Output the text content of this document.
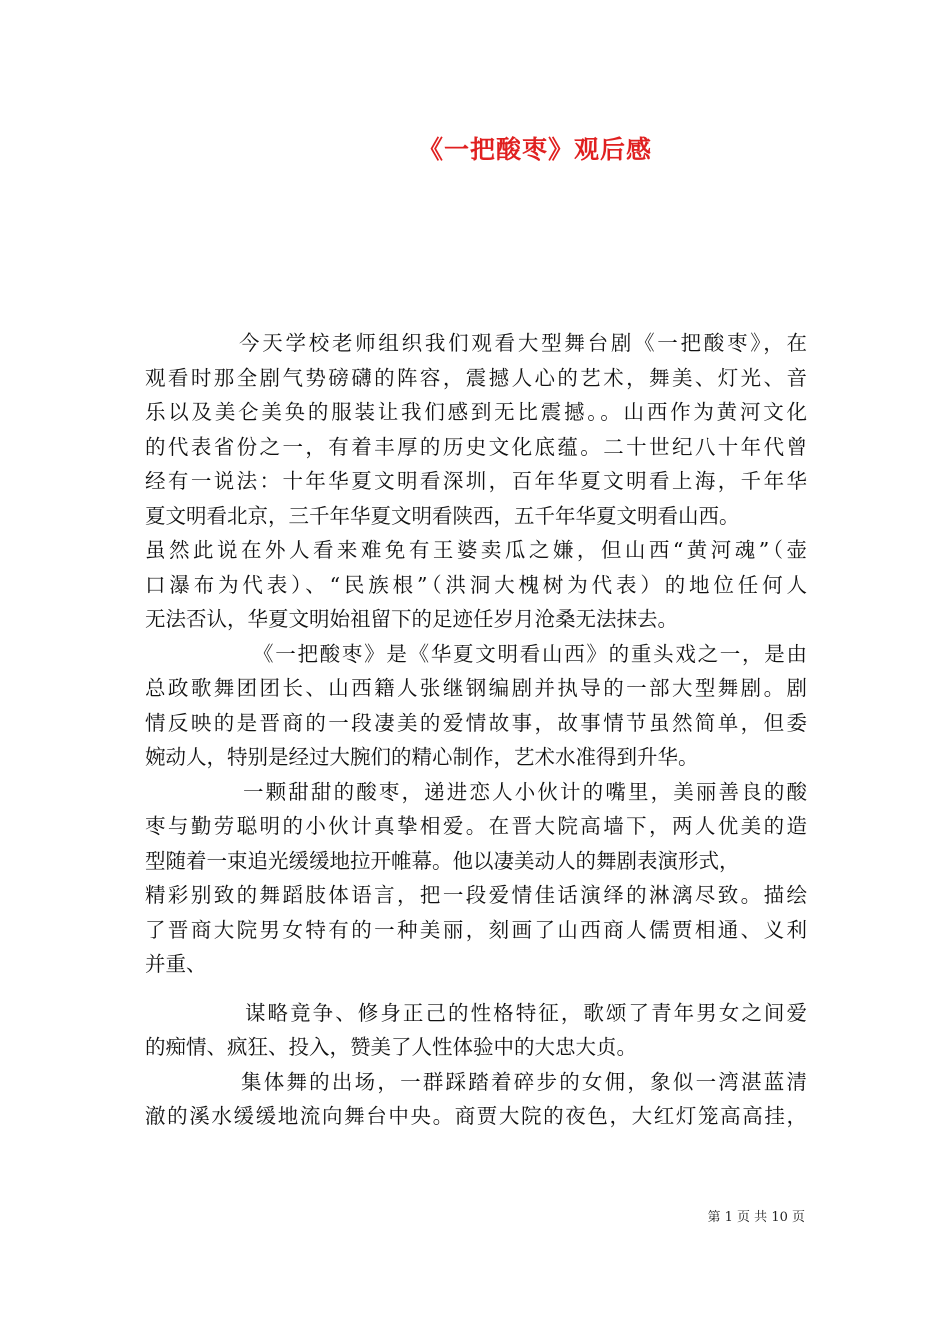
《一把酸枣》观后感
今天学校老师组织我们观看大型舞台剧《一把酸枣》，在
观看时那全剧气势磅礴的阵容，震撼人心的艺术，舞美、灯光、音
乐以及美仑美奂的服装让我们感到无比震撼。。山西作为黄河文化
的代表省份之一，有着丰厚的历史文化底蕴。二十世纪八十年代曾
经有一说法：十年华夏文明看深圳，百年华夏文明看上海，千年华
夏文明看北京，三千年华夏文明看陕西，五千年华夏文明看山西。
虽然此说在外人看来难免有王婆卖瓜之嫌，但山西“黄河魂”（壶
口瀑布为代表）、“民族根”（洪洞大槐树为代表）的地位任何人
无法否认，华夏文明始祖留下的足迹任岁月沧桑无法抹去。
《一把酸枣》是《华夏文明看山西》的重头戏之一，是由
总政歌舞团团长、山西籍人张继钢编剧并执导的一部大型舞剧。剧
情反映的是晋商的一段凄美的爱情故事，故事情节虽然简单，但委
婉动人，特别是经过大腕们的精心制作，艺术水准得到升华。
一颗甜甜的酸枣，递进恋人小伙计的嘴里，美丽善良的酸
枣与勤劳聪明的小伙计真挚相爱。在晋大院高墙下，两人优美的造
型随着一束追光缓缓地拉开帷幕。他以凄美动人的舞剧表演形式，
精彩别致的舞蹈肢体语言，把一段爱情佳话演绎的淋漓尽致。描绘
了晋商大院男女特有的一种美丽，刻画了山西商人儒贾相通、义利
并重、
谋略竟争、修身正己的性格特征，歌颂了青年男女之间爱
的痴情、疯狂、投入，赞美了人性体验中的大忠大贞。
集体舞的出场，一群踩踏着碎步的女佣，象似一湾湛蓝清
澈的溪水缓缓地流向舞台中央。商贾大院的夜色，大红灯笼高高挂，
第 1 页 共 10 页
